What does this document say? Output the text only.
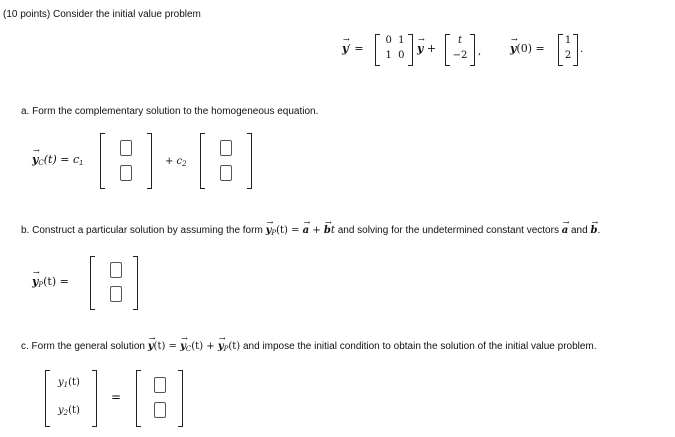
(10 points) Consider the initial value problem
→ y′ =
0 1
1 0
→ y +
t
−2	,
→	y(0) =
1
2
.
a. Form the complementary solution to the homogeneous equation.
→ $y_C(t) = c_1$	+ $c_2$
b. Construct a particular solution by assuming the form → $y_P(t)$ = → a + → bt and solving for the undetermined constant vectors → a and → b.
→ $y_P(t)$ =
c. Form the general solution → y(t) = → $y_C(t)$ + → $y_P(t)$ and impose the initial condition to obtain the solution of the initial value problem.
$y_1(t)$
$y_2(t)$
=
